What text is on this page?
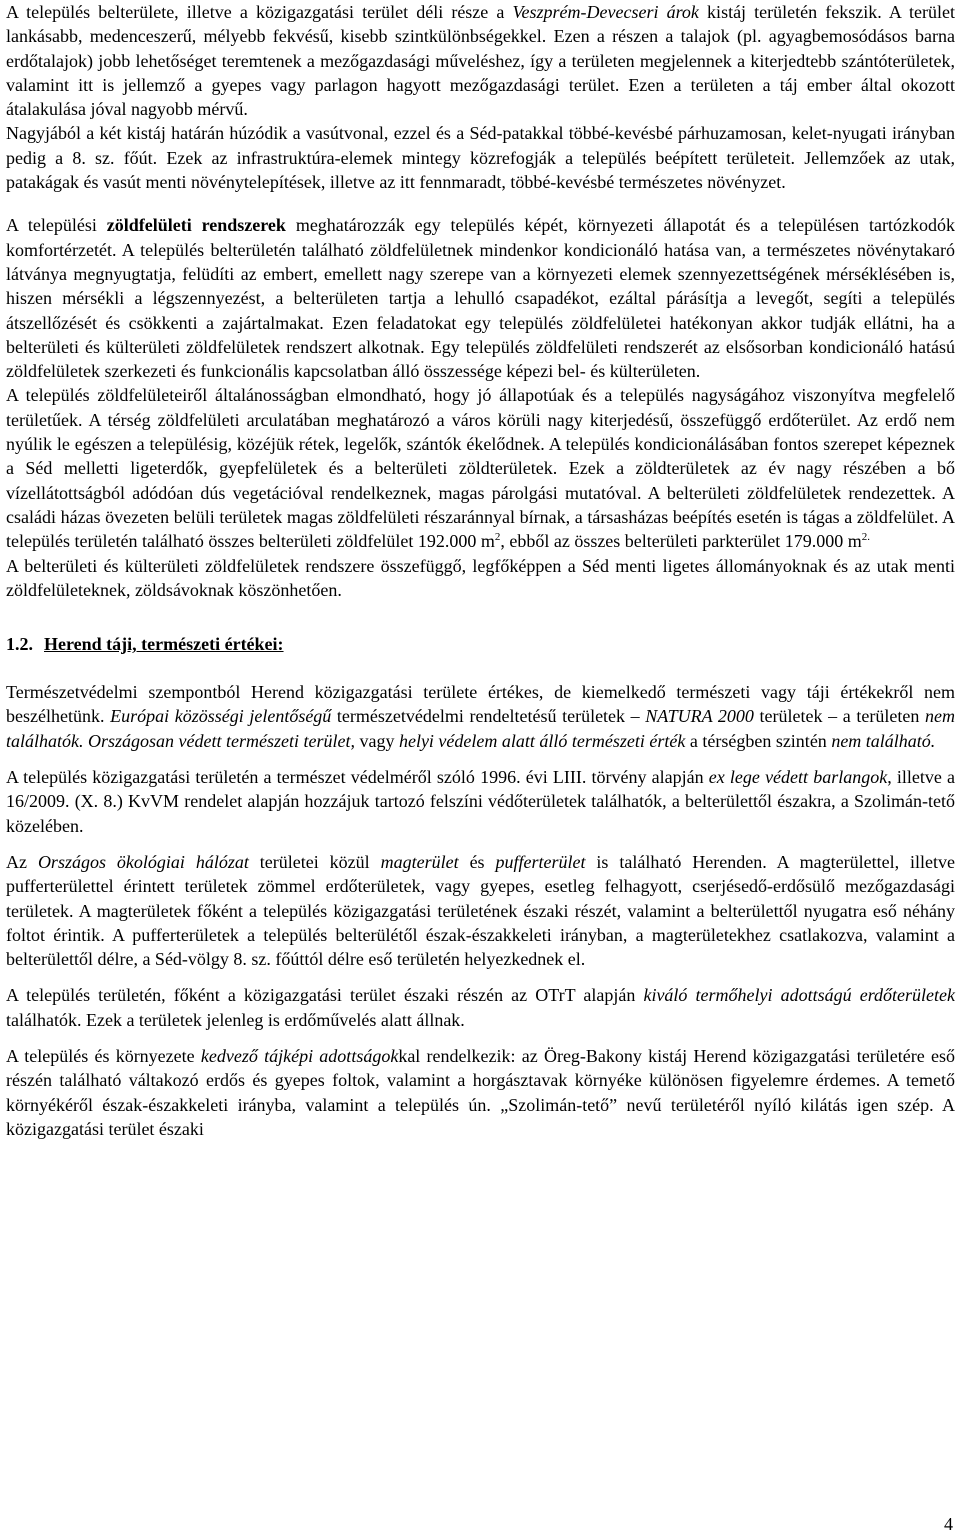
A település belterülete, illetve a közigazgatási terület déli része a Veszprém-Devecseri árok kistáj területén fekszik. A terület lankásabb, medenceszerű, mélyebb fekvésű, kisebb szintkülönbségekkel. Ezen a részen a talajok (pl. agyagbemosódásos barna erdőtalajok) jobb lehetőséget teremtenek a mezőgazdasági műveléshez, így a területen megjelennek a kiterjedtebb szántóterületek, valamint itt is jellemző a gyepes vagy parlagon hagyott mezőgazdasági terület. Ezen a területen a táj ember által okozott átalakulása jóval nagyobb mérvű.

Nagyjából a két kistáj határán húzódik a vasútvonal, ezzel és a Séd-patakkal többé-kevésbé párhuzamosan, kelet-nyugati irányban pedig a 8. sz. főút. Ezek az infrastruktúra-elemek mintegy közrefogják a település beépített területeit. Jellemzőek az utak, patakágak és vasút menti növénytelepítések, illetve az itt fennmaradt, többé-kevésbé természetes növényzet.

A települési zöldfelületi rendszerek meghatározzák egy település képét, környezeti állapotát és a településen tartózkodók komfortérzetét. A település belterületén található zöldfelületnek mindenkor kondicionáló hatása van, a természetes növénytakaró látványa megnyugtatja, felüdíti az embert, emellett nagy szerepe van a környezeti elemek szennyezettségének mérséklésében is, hiszen mérsékli a légszennyezést, a belterületen tartja a lehulló csapadékot, ezáltal párásítja a levegőt, segíti a település átszellőzését és csökkenti a zajártalmakat. Ezen feladatokat egy település zöldfelületei hatékonyan akkor tudják ellátni, ha a belterületi és külterületi zöldfelületek rendszert alkotnak. Egy település zöldfelületi rendszerét az elsősorban kondicionáló hatású zöldfelületek szerkezeti és funkcionális kapcsolatban álló összessége képezi bel- és külterületen.

A település zöldfelületeiről általánosságban elmondható, hogy jó állapotúak és a település nagyságához viszonyítva megfelelő területűek. A térség zöldfelületi arculatában meghatározó a város körüli nagy kiterjedésű, összefüggő erdőterület. Az erdő nem nyúlik le egészen a településig, közéjük rétek, legelők, szántók ékelődnek. A település kondicionálásában fontos szerepet képeznek a Séd melletti ligeterdők, gyepfelületek és a belterületi zöldterületek. Ezek a zöldterületek az év nagy részében a bő vízellátottságból adódóan dús vegetációval rendelkeznek, magas párolgási mutatóval. A belterületi zöldfelületek rendezettek. A családi házas övezeten belüli területek magas zöldfelületi részaránnyal bírnak, a társasházas beépítés esetén is tágas a zöldfelület. A település területén található összes belterületi zöldfelület 192.000 $m^2$, ebből az összes belterületi parkterület 179.000 $m^{2.}$

A belterületi és külterületi zöldfelületek rendszere összefüggő, legfőképpen a Séd menti ligetes állományoknak és az utak menti zöldfelületeknek, zöldsávoknak köszönhetően.

1.2. Herend táji, természeti értékei:

Természetvédelmi szempontból Herend közigazgatási területe értékes, de kiemelkedő természeti vagy táji értékekről nem beszélhetünk. Európai közösségi jelentőségű természetvédelmi rendeltetésű területek – NATURA 2000 területek – a területen nem találhatók. Országosan védett természeti terület, vagy helyi védelem alatt álló természeti érték a térségben szintén nem található.

A település közigazgatási területén a természet védelméről szóló 1996. évi LIII. törvény alapján ex lege védett barlangok, illetve a 16/2009. (X. 8.) KvVM rendelet alapján hozzájuk tartozó felszíni védőterületek találhatók, a belterülettől északra, a Szolimán-tető közelében.

Az Országos ökológiai hálózat területei közül magterület és pufferterület is található Herenden. A magterülettel, illetve pufferterülettel érintett területek zömmel erdőterületek, vagy gyepes, esetleg felhagyott, cserjésedő-erdősülő mezőgazdasági területek. A magterületek főként a település közigazgatási területének északi részét, valamint a belterülettől nyugatra eső néhány foltot érintik. A pufferterületek a település belterülétől észak-északkeleti irányban, a magterületekhez csatlakozva, valamint a belterülettől délre, a Séd-völgy 8. sz. főúttól délre eső területén helyezkednek el.

A település területén, főként a közigazgatási terület északi részén az OTrT alapján kiváló termőhelyi adottságú erdőterületek találhatók. Ezek a területek jelenleg is erdőművelés alatt állnak.

A település és környezete kedvező tájképi adottságokkal rendelkezik: az Öreg-Bakony kistáj Herend közigazgatási területére eső részén található váltakozó erdős és gyepes foltok, valamint a horgásztavak környéke különösen figyelemre érdemes. A temető környékéről észak-északkeleti irányba, valamint a település ún. „Szolimán-tető” nevű területéről nyíló kilátás igen szép. A közigazgatási terület északi

4
